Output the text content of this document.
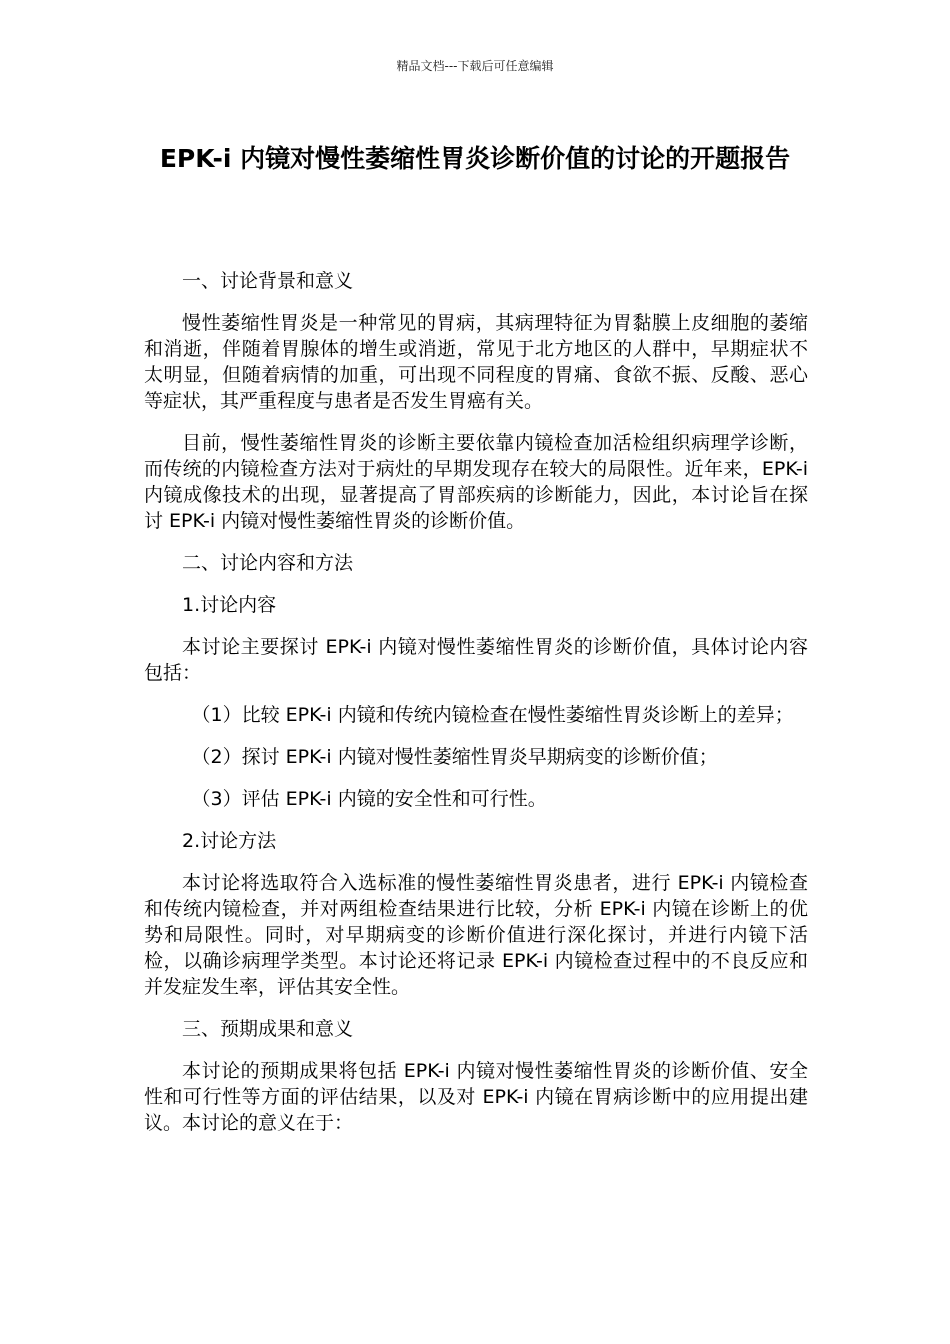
精品文档---下载后可任意编辑
EPK-i 内镜对慢性萎缩性胃炎诊断价值的讨论的开题报告

一、讨论背景和意义

慢性萎缩性胃炎是一种常见的胃病，其病理特征为胃黏膜上皮细胞的萎缩和消逝，伴随着胃腺体的增生或消逝，常见于北方地区的人群中，早期症状不太明显，但随着病情的加重，可出现不同程度的胃痛、食欲不振、反酸、恶心等症状，其严重程度与患者是否发生胃癌有关。

目前，慢性萎缩性胃炎的诊断主要依靠内镜检查加活检组织病理学诊断，而传统的内镜检查方法对于病灶的早期发现存在较大的局限性。近年来，EPK-i 内镜成像技术的出现，显著提高了胃部疾病的诊断能力，因此，本讨论旨在探讨 EPK-i 内镜对慢性萎缩性胃炎的诊断价值。

二、讨论内容和方法

1.讨论内容

本讨论主要探讨 EPK-i 内镜对慢性萎缩性胃炎的诊断价值，具体讨论内容包括：

（1）比较 EPK-i 内镜和传统内镜检查在慢性萎缩性胃炎诊断上的差异；

（2）探讨 EPK-i 内镜对慢性萎缩性胃炎早期病变的诊断价值；

（3）评估 EPK-i 内镜的安全性和可行性。

2.讨论方法

本讨论将选取符合入选标准的慢性萎缩性胃炎患者，进行 EPK-i 内镜检查和传统内镜检查，并对两组检查结果进行比较，分析 EPK-i 内镜在诊断上的优势和局限性。同时，对早期病变的诊断价值进行深化探讨，并进行内镜下活检，以确诊病理学类型。本讨论还将记录 EPK-i 内镜检查过程中的不良反应和并发症发生率，评估其安全性。

三、预期成果和意义

本讨论的预期成果将包括 EPK-i 内镜对慢性萎缩性胃炎的诊断价值、安全性和可行性等方面的评估结果，以及对 EPK-i 内镜在胃病诊断中的应用提出建议。本讨论的意义在于：
